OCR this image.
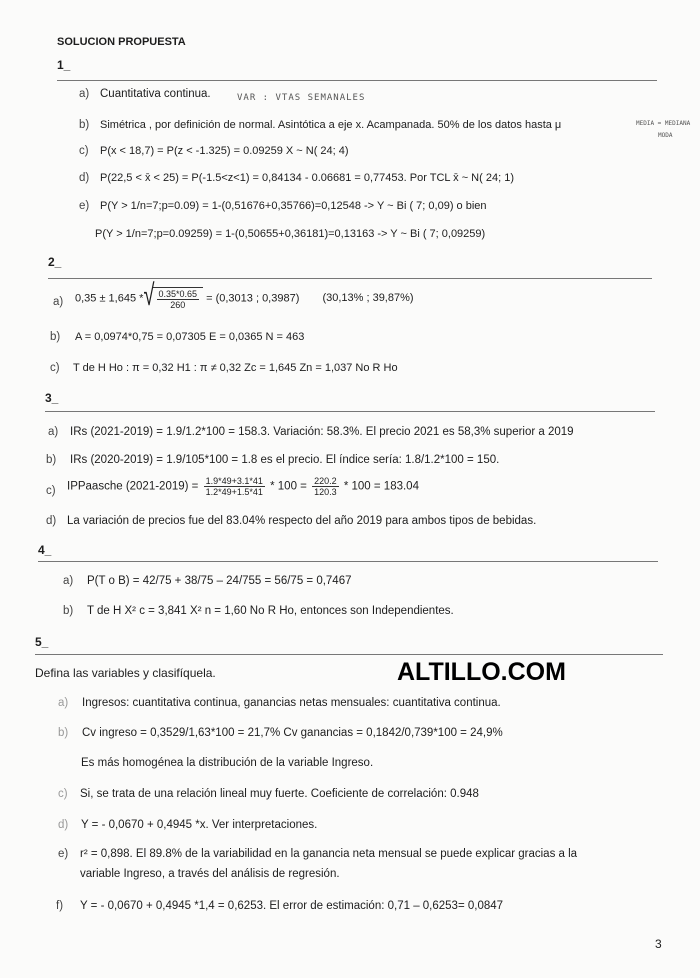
SOLUCION PROPUESTA
1_
a) Cuantitativa continua.	VAR : VTAS SEMANALES
b) Simétrica , por definición de normal. Asintótica a eje x. Acampanada. 50% de los datos hasta μ	MEDIA = MEDIANA
MODA
c) P(x < 18,7) = P(z < -1.325) = 0.09259 X ~ N( 24; 4)
d) P(22,5 < x̄ < 25) = P(-1.5<z<1) = 0,84134 - 0.06681 = 0,77453. Por TCL x̄ ~ N( 24; 1)
e) P(Y > 1/n=7;p=0.09) = 1-(0,51676+0,35766)=0,12548 -> Y ~ Bi ( 7; 0,09) o bien
P(Y > 1/n=7;p=0.09259) = 1-(0,50655+0,36181)=0,13163 -> Y ~ Bi ( 7; 0,09259)
2_
a) 0,35 ± 1,645 *
√ $\frac{0.35*0.65}{260} = (0,3013$ ; 0,3987) (30,13% ; 39,87%)
b) A = 0,0974*0,75 = 0,07305 E = 0,0365 N = 463
c) T de H Ho : π = 0,32 H1 : π ≠ 0,32 Zc = 1,645 Zn = 1,037 No R Ho
3_
a) IRs (2021-2019) = 1.9/1.2*100 = 158.3. Variación: 58.3%. El precio 2021 es 58,3% superior a 2019
b) IRs (2020-2019) = 1.9/105*100 = 1.8 es el precio. El índice sería: 1.8/1.2*100 = 150.
c) IPPaasche $(2021-2019) = \frac{1.9*49+3.1*41}{1.2*49+1.5*41} * 100 = \frac{220.2}{120.3} * 100 = 183.04$
d) La variación de precios fue del 83.04% respecto del año 2019 para ambos tipos de bebidas.
4_
a) P(T o B) = 42/75 + 38/75 – 24/755 = 56/75 = 0,7467
b) T de H X² c = 3,841 X² n = 1,60 No R Ho, entonces son Independientes.
5_
Defina las variables y clasifíquela.	ALTILLO.COM
a) Ingresos: cuantitativa continua, ganancias netas mensuales: cuantitativa continua.
b) Cv ingreso = 0,3529/1,63*100 = 21,7% Cv ganancias = 0,1842/0,739*100 = 24,9%
Es más homogénea la distribución de la variable Ingreso.
c) Si, se trata de una relación lineal muy fuerte. Coeficiente de correlación: 0.948
d) Y = - 0,0670 + 0,4945 *x. Ver interpretaciones.
e) r² = 0,898. El 89.8% de la variabilidad en la ganancia neta mensual se puede explicar gracias a la
variable Ingreso, a través del análisis de regresión.
f) Y = - 0,0670 + 0,4945 *1,4 = 0,6253. El error de estimación: 0,71 – 0,6253= 0,0847
3
